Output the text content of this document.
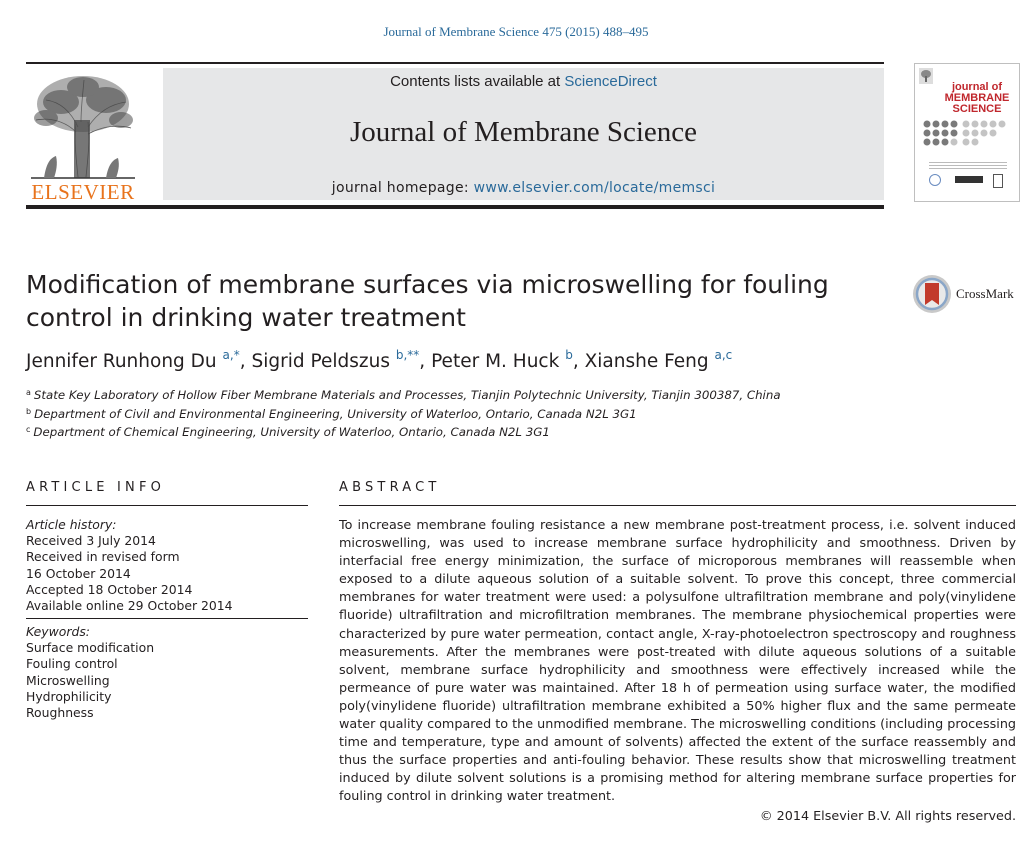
Journal of Membrane Science 475 (2015) 488–495
ELSEVIER
Contents lists available at ScienceDirect
Journal of Membrane Science
journal homepage: www.elsevier.com/locate/memsci
journal of MEMBRANE SCIENCE
Modification of membrane surfaces via microswelling for fouling control in drinking water treatment
CrossMark
Jennifer Runhong Du $^{a,*}$, Sigrid Peldszus $^{b,**}$, Peter M. Huck $^b$, Xianshe Feng $^{a,c}$
$^a$ State Key Laboratory of Hollow Fiber Membrane Materials and Processes, Tianjin Polytechnic University, Tianjin 300387, China
$^b$ Department of Civil and Environmental Engineering, University of Waterloo, Ontario, Canada N2L 3G1
$^c$ Department of Chemical Engineering, University of Waterloo, Ontario, Canada N2L 3G1
ARTICLE INFO	ABSTRACT
Article history:
Received 3 July 2014
Received in revised form
16 October 2014
Accepted 18 October 2014
Available online 29 October 2014
Keywords:
Surface modification
Fouling control
Microswelling
Hydrophilicity
Roughness
To increase membrane fouling resistance a new membrane post-treatment process, i.e. solvent induced microswelling, was used to increase membrane surface hydrophilicity and smoothness. Driven by interfacial free energy minimization, the surface of microporous membranes will reassemble when exposed to a dilute aqueous solution of a suitable solvent. To prove this concept, three commercial membranes for water treatment were used: a polysulfone ultrafiltration membrane and poly(vinylidene fluoride) ultrafiltration and microfiltration membranes. The membrane physiochemical properties were characterized by pure water permeation, contact angle, X-ray-photoelectron spectroscopy and roughness measurements. After the membranes were post-treated with dilute aqueous solutions of a suitable solvent, membrane surface hydrophilicity and smoothness were effectively increased while the permeance of pure water was maintained. After 18 h of permeation using surface water, the modified poly(vinylidene fluoride) ultrafiltration membrane exhibited a 50% higher flux and the same permeate water quality compared to the unmodified membrane. The microswelling conditions (including processing time and temperature, type and amount of solvents) affected the extent of the surface reassembly and thus the surface properties and anti-fouling behavior. These results show that microswelling treatment induced by dilute solvent solutions is a promising method for altering membrane surface properties for fouling control in drinking water treatment.
© 2014 Elsevier B.V. All rights reserved.
